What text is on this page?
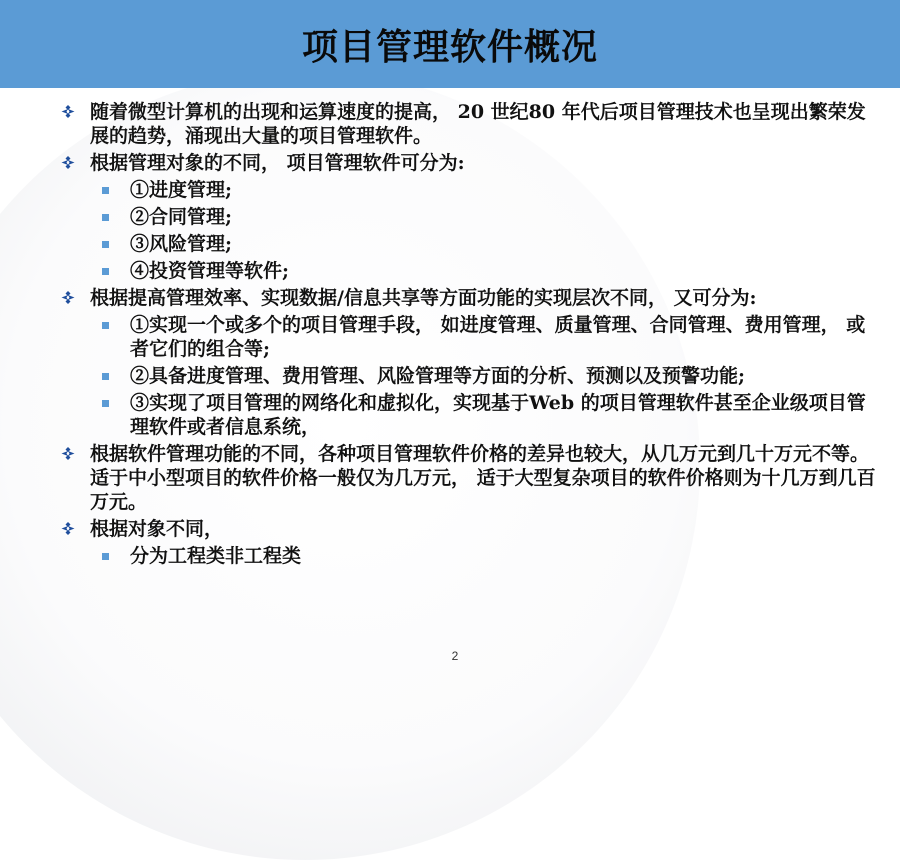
项目管理软件概况
随着微型计算机的出现和运算速度的提高， 20 世纪80 年代后项目管理技术也呈现出繁荣发展的趋势，涌现出大量的项目管理软件。
根据管理对象的不同， 项目管理软件可分为:
①进度管理;
②合同管理;
③风险管理;
④投资管理等软件;
根据提高管理效率、实现数据/信息共享等方面功能的实现层次不同， 又可分为:
①实现一个或多个的项目管理手段， 如进度管理、质量管理、合同管理、费用管理， 或者它们的组合等;
②具备进度管理、费用管理、风险管理等方面的分析、预测以及预警功能;
③实现了项目管理的网络化和虚拟化，实现基于Web 的项目管理软件甚至企业级项目管理软件或者信息系统，
根据软件管理功能的不同，各种项目管理软件价格的差异也较大，从几万元到几十万元不等。适于中小型项目的软件价格一般仅为几万元， 适于大型复杂项目的软件价格则为十几万到几百万元。
根据对象不同，
分为工程类非工程类
2
